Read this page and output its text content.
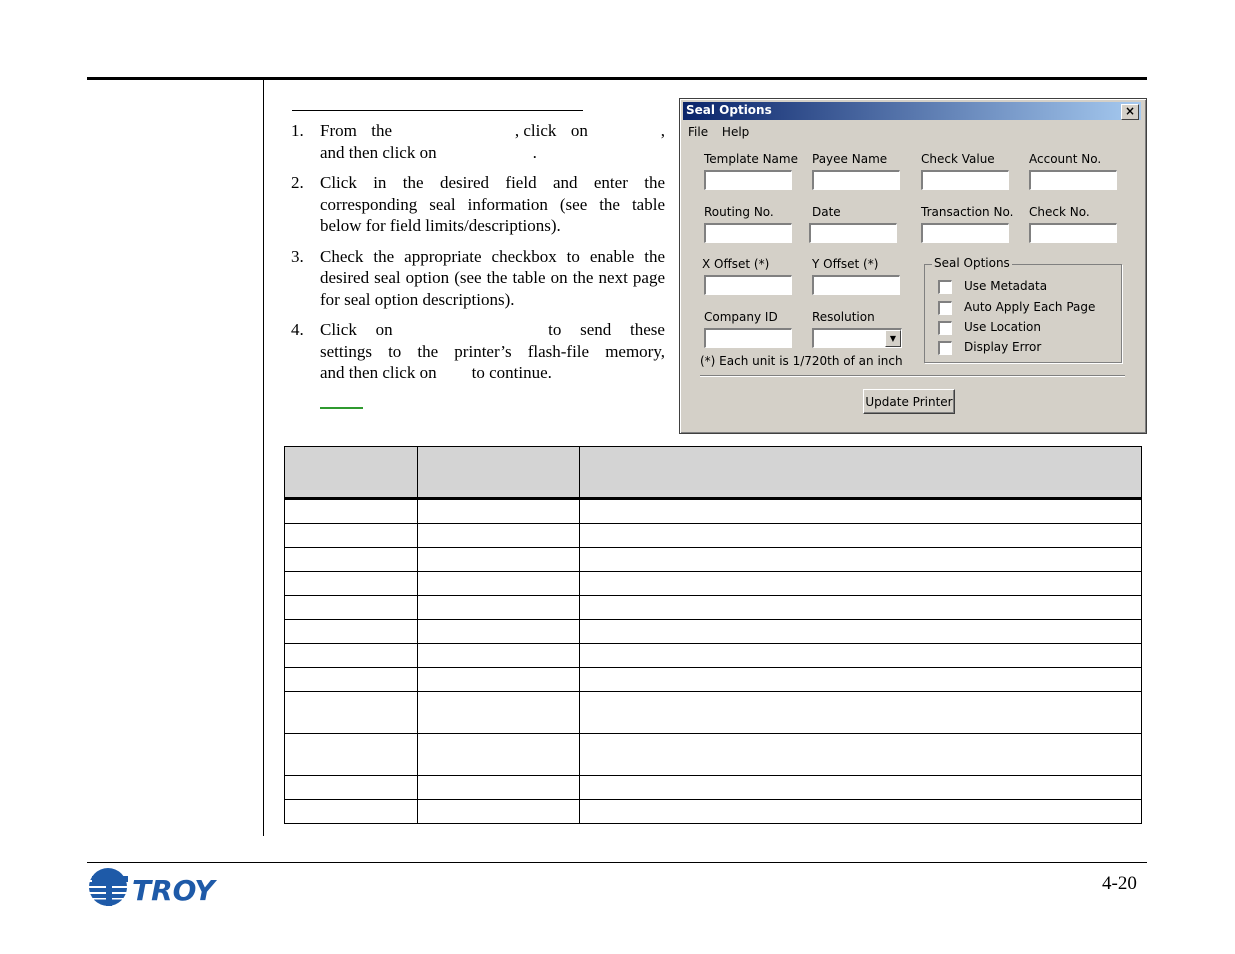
1. From the	, click on	,
and then click on	.
2. Click in the desired field and enter the corresponding seal information (see the table below for field limits/descriptions).
3. Check the appropriate checkbox to enable the desired seal option (see the table on the next page for seal option descriptions).
4. Click on	to send these
settings to the printer’s flash-file memory,
and then click on to continue.
Seal Options	×
File Help
Template Name Payee Name	Check Value	Account No.
Routing No.	Date	Transaction No. Check No.
X Offset (*)	Y Offset (*)
Company ID	Resolution
▼
(*) Each unit is 1/720th of an inch
Seal Options
Use Metadata
Auto Apply Each Page
Use Location
Display Error
Update Printer

TROY	4-20
